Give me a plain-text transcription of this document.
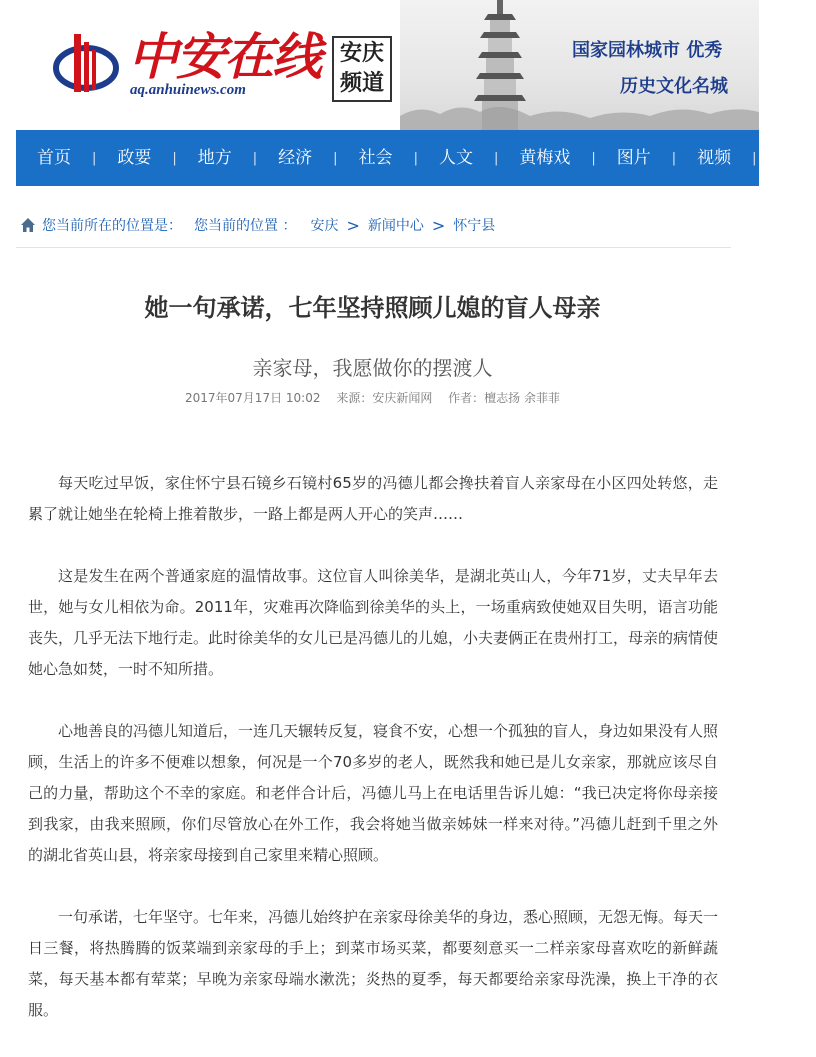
中安在线
aq.anhuinews.com
安庆
频道
国家园林城市 优秀
历史文化名城
首页	|	政要	|	地方	|	经济	|	社会	|	人文	|	黄梅戏	|	图片	|	视频	|	教
您当前所在的位置是： 您当前的位置 ： 安庆 > 新闻中心 > 怀宁县
她一句承诺，七年坚持照顾儿媳的盲人母亲
亲家母，我愿做你的摆渡人
2017年07月17日 10:02 来源：安庆新闻网 作者：檀志扬 余菲菲

每天吃过早饭，家住怀宁县石镜乡石镜村65岁的冯德儿都会搀扶着盲人亲家母在小区四处转悠，走累了就让她坐在轮椅上推着散步，一路上都是两人开心的笑声……

这是发生在两个普通家庭的温情故事。这位盲人叫徐美华，是湖北英山人，今年71岁，丈夫早年去世，她与女儿相依为命。2011年，灾难再次降临到徐美华的头上，一场重病致使她双目失明，语言功能丧失，几乎无法下地行走。此时徐美华的女儿已是冯德儿的儿媳，小夫妻俩正在贵州打工，母亲的病情使她心急如焚，一时不知所措。

心地善良的冯德儿知道后，一连几天辗转反复，寝食不安，心想一个孤独的盲人，身边如果没有人照顾，生活上的许多不便难以想象，何况是一个70多岁的老人，既然我和她已是儿女亲家，那就应该尽自己的力量，帮助这个不幸的家庭。和老伴合计后，冯德儿马上在电话里告诉儿媳：“我已决定将你母亲接到我家，由我来照顾，你们尽管放心在外工作，我会将她当做亲姊妹一样来对待。”冯德儿赶到千里之外的湖北省英山县，将亲家母接到自己家里来精心照顾。

一句承诺，七年坚守。七年来，冯德儿始终护在亲家母徐美华的身边，悉心照顾，无怨无悔。每天一日三餐，将热腾腾的饭菜端到亲家母的手上；到菜市场买菜，都要刻意买一二样亲家母喜欢吃的新鲜蔬菜，每天基本都有荤菜；早晚为亲家母端水漱洗；炎热的夏季，每天都要给亲家母洗澡，换上干净的衣服。
